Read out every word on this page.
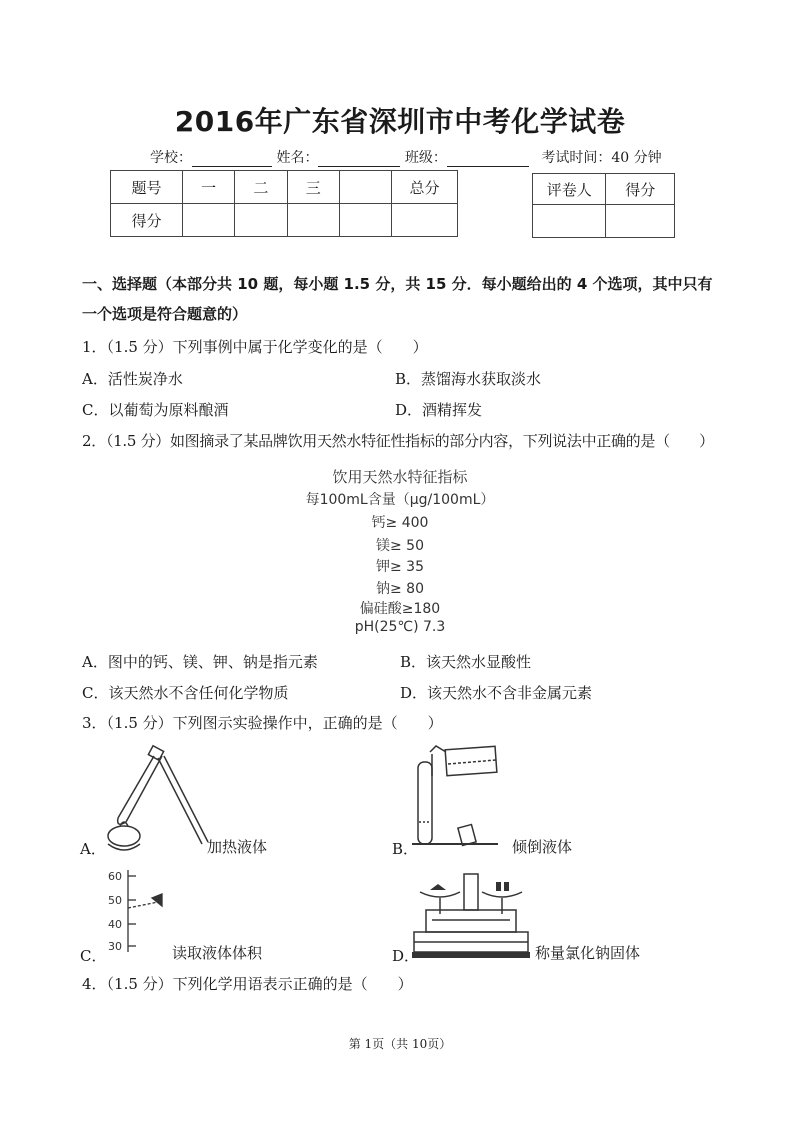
2016年广东省深圳市中考化学试卷
学校：	姓名：	班级：	考试时间：40 分钟
题号	一	二	三		总分
得分					
评卷人	得分

一、选择题（本部分共 10 题，每小题 1.5 分，共 15 分．每小题给出的 4 个选项，其中只有
一个选项是符合题意的）
1．（1.5 分）下列事例中属于化学变化的是（　　）
A．活性炭净水	B．蒸馏海水获取淡水
C．以葡萄为原料酿酒	D．酒精挥发
2．（1.5 分）如图摘录了某品牌饮用天然水特征性指标的部分内容，下列说法中正确的是（　　）
饮用天然水特征指标
每100mL含量（μg/100mL）
钙≥ 400
镁≥ 50
钾≥ 35
钠≥ 80
偏硅酸≥180
pH(25℃) 7.3
A．图中的钙、镁、钾、钠是指元素	B．该天然水显酸性
C．该天然水不含任何化学物质	D．该天然水不含非金属元素
3．（1.5 分）下列图示实验操作中，正确的是（　　）
A．	加热液体	B．	倾倒液体
60
50
40
30
C．	读取液体体积	D．	称量氯化钠固体
4．（1.5 分）下列化学用语表示正确的是（　　）
第 1页（共 10页）
